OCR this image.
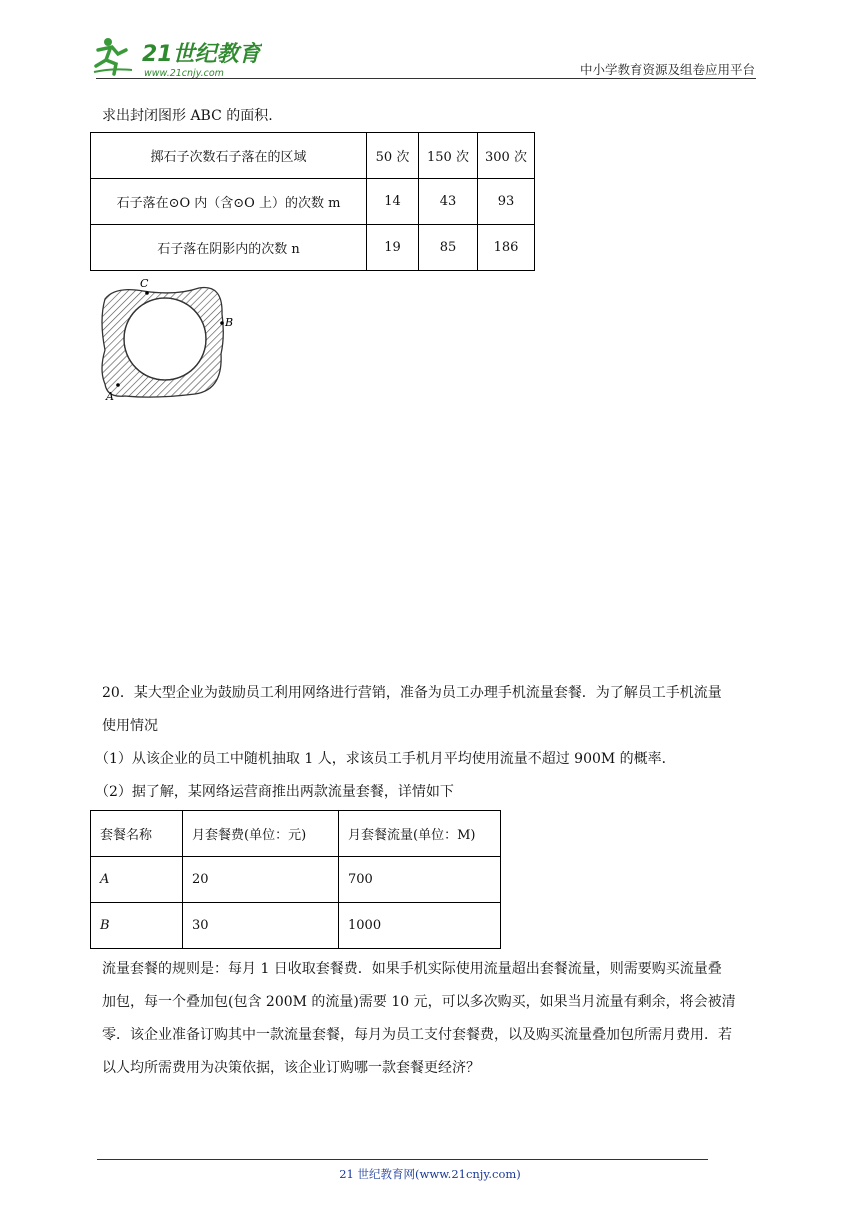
21世纪教育
www.21cnjy.com	中小学教育资源及组卷应用平台
求出封闭图形 ABC 的面积.
掷石子次数石子落在的区域	50 次	150 次	300 次
石子落在⊙O 内（含⊙O 上）的次数 m	14	43	93
石子落在阴影内的次数 n	19	85	186
C
B
A
20．某大型企业为鼓励员工利用网络进行营销，准备为员工办理手机流量套餐．为了解员工手机流量
使用情况
（1）从该企业的员工中随机抽取 1 人，求该员工手机月平均使用流量不超过 900M 的概率．
（2）据了解，某网络运营商推出两款流量套餐，详情如下
套餐名称	月套餐费(单位：元)	月套餐流量(单位：M)
A	20	700
B	30	1000
流量套餐的规则是：每月 1 日收取套餐费．如果手机实际使用流量超出套餐流量，则需要购买流量叠
加包，每一个叠加包(包含 200M 的流量)需要 10 元，可以多次购买，如果当月流量有剩余，将会被清
零．该企业准备订购其中一款流量套餐，每月为员工支付套餐费，以及购买流量叠加包所需月费用．若
以人均所需费用为决策依据，该企业订购哪一款套餐更经济？
21 世纪教育网(www.21cnjy.com)
